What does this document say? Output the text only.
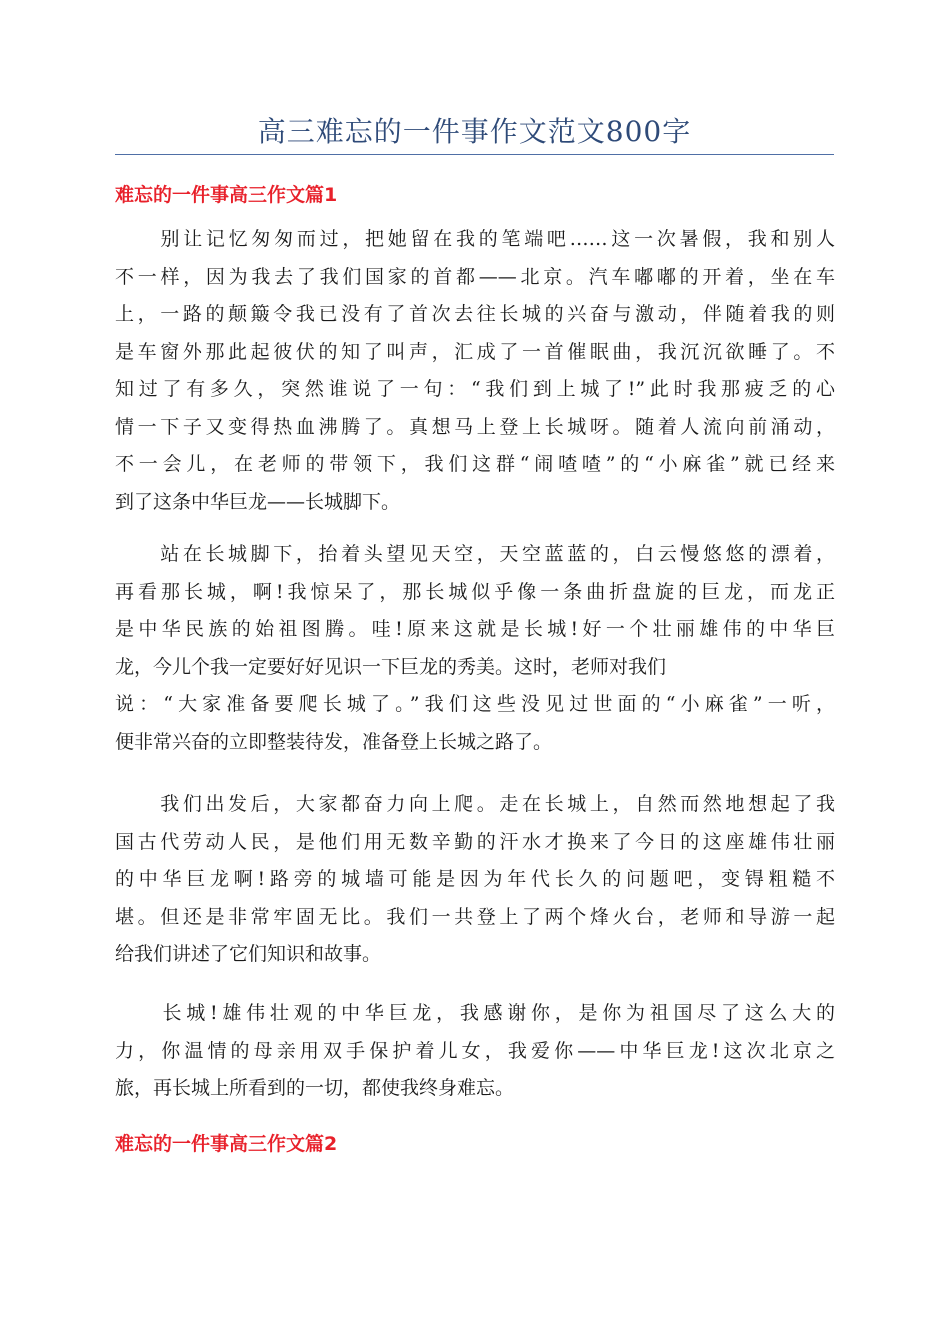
高三难忘的一件事作文范文800字
难忘的一件事高三作文篇1
　　别让记忆匆匆而过，把她留在我的笔端吧……这一次暑假，我和别人
不一样，因为我去了我们国家的首都——北京。汽车嘟嘟的开着，坐在车
上，一路的颠簸令我已没有了首次去往长城的兴奋与激动，伴随着我的则
是车窗外那此起彼伏的知了叫声，汇成了一首催眠曲，我沉沉欲睡了。不
知过了有多久，突然谁说了一句：“我们到上城了!”此时我那疲乏的心
情一下子又变得热血沸腾了。真想马上登上长城呀。随着人流向前涌动，
不一会儿，在老师的带领下，我们这群“闹喳喳”的“小麻雀”就已经来
到了这条中华巨龙——长城脚下。
　　站在长城脚下，抬着头望见天空，天空蓝蓝的，白云慢悠悠的漂着，
再看那长城，啊!我惊呆了，那长城似乎像一条曲折盘旋的巨龙，而龙正
是中华民族的始祖图腾。哇!原来这就是长城!好一个壮丽雄伟的中华巨
龙，今儿个我一定要好好见识一下巨龙的秀美。这时，老师对我们
说：“大家准备要爬长城了。”我们这些没见过世面的“小麻雀”一听，
便非常兴奋的立即整装待发，准备登上长城之路了。
　　我们出发后，大家都奋力向上爬。走在长城上，自然而然地想起了我
国古代劳动人民，是他们用无数辛勤的汗水才换来了今日的这座雄伟壮丽
的中华巨龙啊!路旁的城墙可能是因为年代长久的问题吧，变锝粗糙不
堪。但还是非常牢固无比。我们一共登上了两个烽火台，老师和导游一起
给我们讲述了它们知识和故事。
　　长城!雄伟壮观的中华巨龙，我感谢你，是你为祖国尽了这么大的
力，你温情的母亲用双手保护着儿女，我爱你——中华巨龙!这次北京之
旅，再长城上所看到的一切，都使我终身难忘。
难忘的一件事高三作文篇2
